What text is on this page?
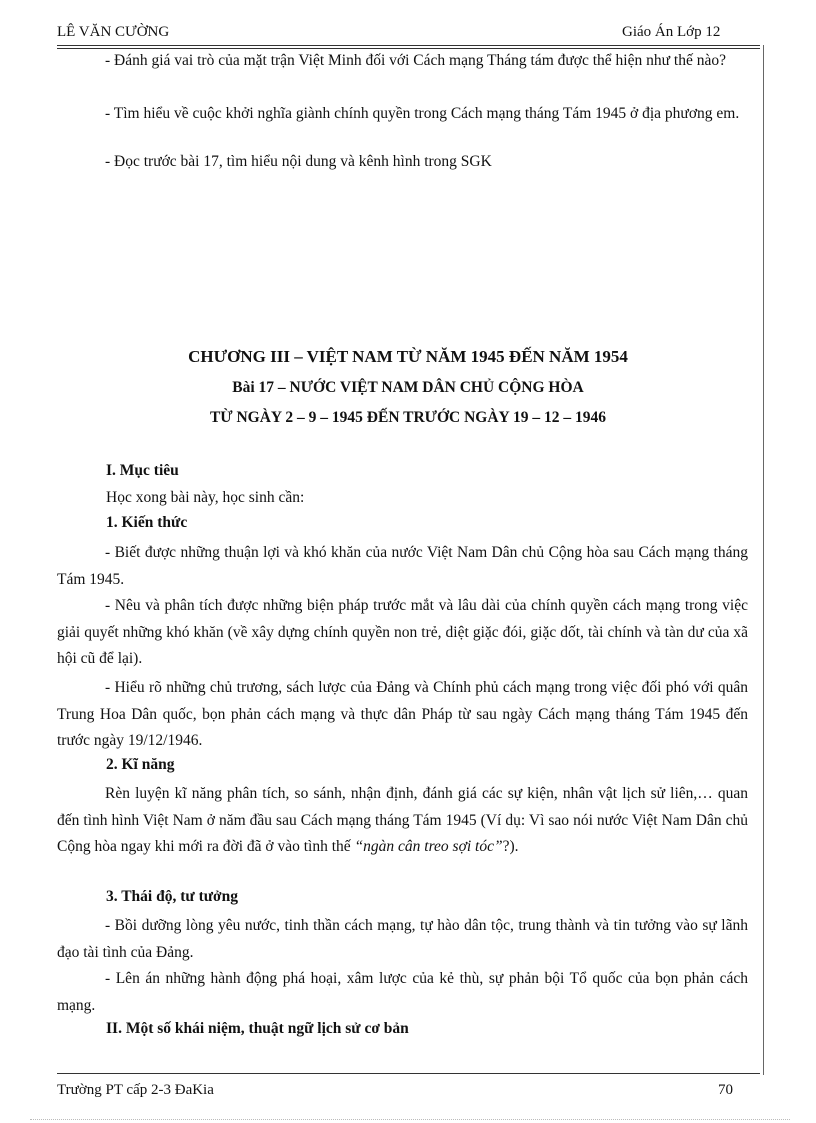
LÊ VĂN CƯỜNG	Giáo Án Lớp 12
- Đánh giá vai trò của mặt trận Việt Minh đối với Cách mạng Tháng tám được thể hiện như thế nào?
- Tìm hiểu về cuộc khởi nghĩa giành chính quyền trong Cách mạng tháng Tám 1945 ở địa phương em.
- Đọc trước bài 17, tìm hiểu nội dung và kênh hình trong SGK
CHƯƠNG III – VIỆT NAM TỪ NĂM 1945 ĐẾN NĂM 1954
Bài 17 – NƯỚC VIỆT NAM DÂN CHỦ CỘNG HÒA
TỪ NGÀY 2 – 9 – 1945 ĐẾN TRƯỚC NGÀY 19 – 12 – 1946
I. Mục tiêu
Học xong bài này, học sinh cần:
1. Kiến thức
- Biết được những thuận lợi và khó khăn của nước Việt Nam Dân chủ Cộng hòa sau Cách mạng tháng Tám 1945.
- Nêu và phân tích được những biện pháp trước mắt và lâu dài của chính quyền cách mạng trong việc giải quyết những khó khăn (về xây dựng chính quyền non trẻ, diệt giặc đói, giặc dốt, tài chính và tàn dư của xã hội cũ để lại).
- Hiểu rõ những chủ trương, sách lược của Đảng và Chính phủ cách mạng trong việc đối phó với quân Trung Hoa Dân quốc, bọn phản cách mạng và thực dân Pháp từ sau ngày Cách mạng tháng Tám 1945 đến trước ngày 19/12/1946.
2. Kĩ năng
Rèn luyện kĩ năng phân tích, so sánh, nhận định, đánh giá các sự kiện, nhân vật lịch sử liên,… quan đến tình hình Việt Nam ở năm đầu sau Cách mạng tháng Tám 1945 (Ví dụ: Vì sao nói nước Việt Nam Dân chủ Cộng hòa ngay khi mới ra đời đã ở vào tình thế “ngàn cân treo sợi tóc”?).
3. Thái độ, tư tưởng
- Bồi dưỡng lòng yêu nước, tinh thần cách mạng, tự hào dân tộc, trung thành và tin tưởng vào sự lãnh đạo tài tình của Đảng.
- Lên án những hành động phá hoại, xâm lược của kẻ thù, sự phản bội Tổ quốc của bọn phản cách mạng.
II. Một số khái niệm, thuật ngữ lịch sử cơ bản
Trường PT cấp 2-3 ĐaKia	70
